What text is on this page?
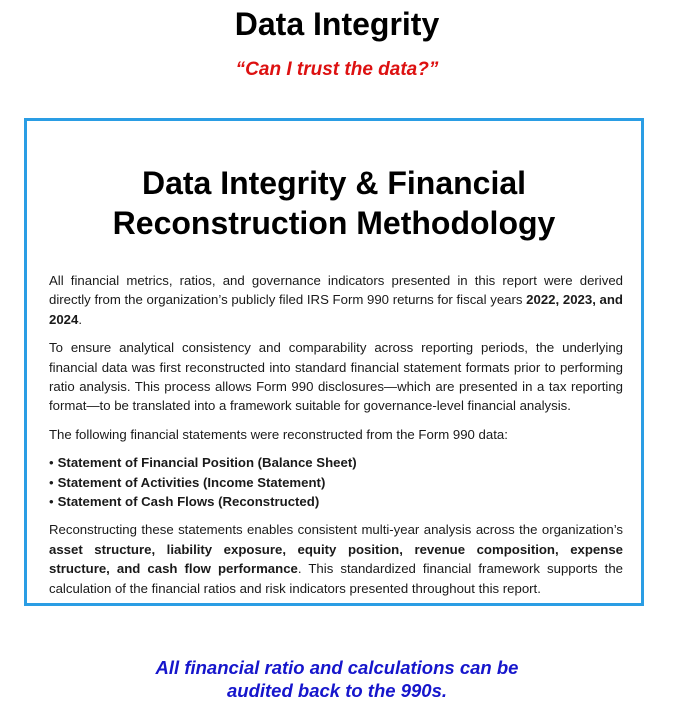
Data Integrity
“Can I trust the data?”
Data Integrity & Financial
Reconstruction Methodology

All financial metrics, ratios, and governance indicators presented in this report were derived directly from the organization’s publicly filed IRS Form 990 returns for fiscal years 2022, 2023, and 2024.

To ensure analytical consistency and comparability across reporting periods, the underlying financial data was first reconstructed into standard financial statement formats prior to performing ratio analysis. This process allows Form 990 disclosures—which are presented in a tax reporting format—to be translated into a framework suitable for governance-level financial analysis.

The following financial statements were reconstructed from the Form 990 data:

• Statement of Financial Position (Balance Sheet)
• Statement of Activities (Income Statement)
• Statement of Cash Flows (Reconstructed)

Reconstructing these statements enables consistent multi-year analysis across the organization’s asset structure, liability exposure, equity position, revenue composition, expense structure, and cash flow performance. This standardized financial framework supports the calculation of the financial ratios and risk indicators presented throughout this report.

All financial ratio and calculations can be
audited back to the 990s.
